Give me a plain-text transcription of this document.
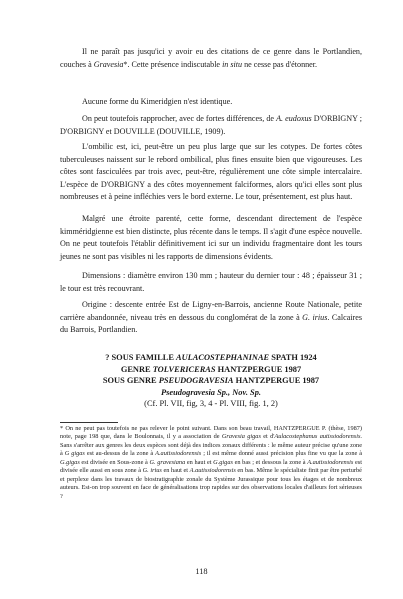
Il ne paraît pas jusqu'ici y avoir eu des citations de ce genre dans le Portlandien, couches à Gravesia*. Cette présence indiscutable in situ ne cesse pas d'étonner.

Aucune forme du Kimeridgien n'est identique.

On peut toutefois rapprocher, avec de fortes différences, de A. eudoxus D'ORBIGNY ; D'ORBIGNY et DOUVILLE (DOUVILLE, 1909).

L'ombilic est, ici, peut-être un peu plus large que sur les cotypes. De fortes côtes tuberculeuses naissent sur le rebord ombilical, plus fines ensuite bien que vigoureuses. Les côtes sont fasciculées par trois avec, peut-être, régulièrement une côte simple intercalaire. L'espèce de D'ORBIGNY a des côtes moyennement falciformes, alors qu'ici elles sont plus nombreuses et à peine infléchies vers le bord externe. Le tour, présentement, est plus haut.

Malgré une étroite parenté, cette forme, descendant directement de l'espèce kimméridgienne est bien distincte, plus récente dans le temps. Il s'agit d'une espèce nouvelle. On ne peut toutefois l'établir définitivement ici sur un individu fragmentaire dont les tours jeunes ne sont pas visibles ni les rapports de dimensions évidents.

Dimensions : diamètre environ 130 mm ; hauteur du dernier tour : 48 ; épaisseur 31 ; le tour est très recouvrant.

Origine : descente entrée Est de Ligny-en-Barrois, ancienne Route Nationale, petite carrière abandonnée, niveau très en dessous du conglomérat de la zone à G. irius. Calcaires du Barrois, Portlandien.

? SOUS FAMILLE AULACOSTEPHANINAE SPATH 1924
GENRE TOLVERICERAS HANTZPERGUE 1987
SOUS GENRE PSEUDOGRAVESIA HANTZPERGUE 1987
Pseudogravesia Sp., Nov. Sp.
(Cf. Pl. VII, fig, 3, 4 - Pl. VIII, fig. 1, 2)

* On ne peut pas toutefois ne pas relever le point suivant. Dans son beau travail, HANTZPERGUE P. (thèse, 1987) note, page 198 que, dans le Boulonnais, il y a association de Gravesia gigas et d'Aulacostephanus autissiodorensis. Sans s'arrêter aux genres les deux espèces sont déjà des indices zonaux différents : le même auteur précise qu'une zone à G gigas est au-dessus de la zone à A.autissiodorensis ; il est même donné aussi précision plus fine vu que la zone à G.gigas est divisée en Sous-zone à G. gravesiana en haut et G.gigas en bas ; et dessous la zone à A.autissiodorensis est divisée elle aussi en sous zone à G. irius en haut et A.autissiodorensis en bas. Même le spécialiste finit par être perturbé et perplexe dans les travaux de biostratigraphie zonale du Système Jurassique pour tous les étages et de nombreux auteurs. Est-on trop souvent en face de généralisations trop rapides sur des observations locales d'ailleurs fort sérieuses ?

118
